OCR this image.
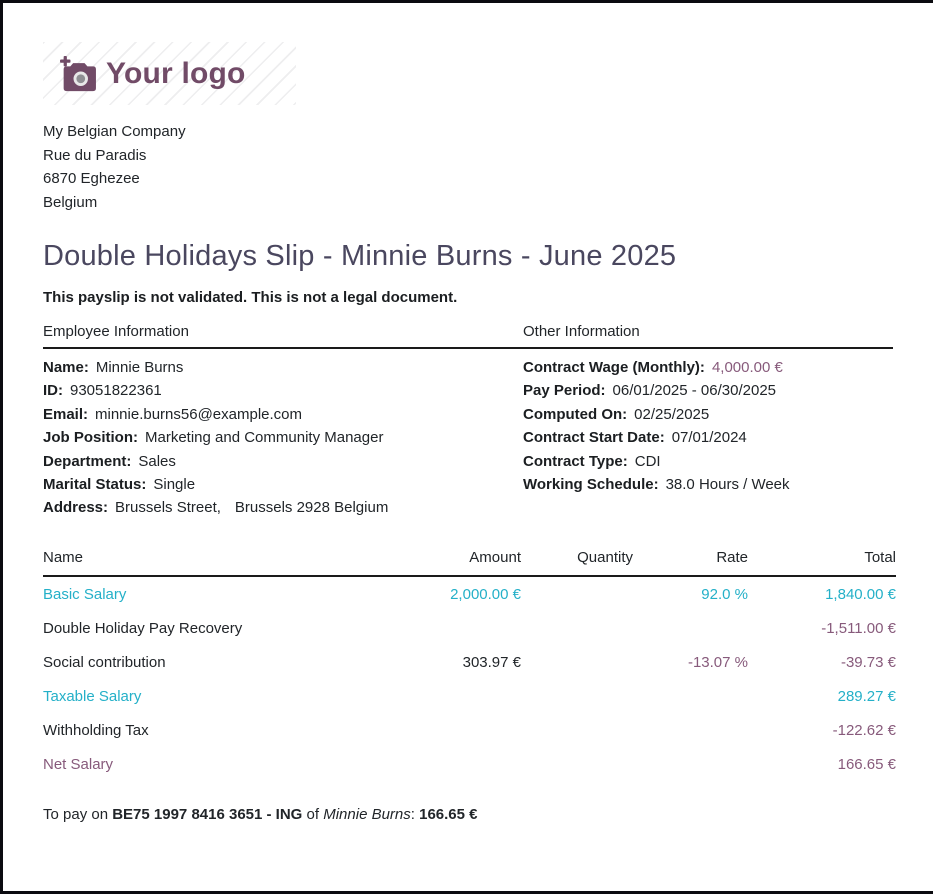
Your logo
My Belgian Company
Rue du Paradis
6870 Eghezee
Belgium
Double Holidays Slip - Minnie Burns - June 2025
This payslip is not validated. This is not a legal document.
Employee Information	Other Information
Name: Minnie Burns
ID: 93051822361
Email: minnie.burns56@example.com
Job Position: Marketing and Community Manager
Department: Sales
Marital Status: Single
Address: Brussels Street, Brussels 2928 Belgium
Contract Wage (Monthly): 4,000.00 €
Pay Period: 06/01/2025 - 06/30/2025
Computed On: 02/25/2025
Contract Start Date: 07/01/2024
Contract Type: CDI
Working Schedule: 38.0 Hours / Week
Name	Amount	Quantity	Rate	Total
Basic Salary	2,000.00 €		92.0 %	1,840.00 €
Double Holiday Pay Recovery				-1,511.00 €
Social contribution	303.97 €		-13.07 %	-39.73 €
Taxable Salary				289.27 €
Withholding Tax				-122.62 €
Net Salary				166.65 €
To pay on BE75 1997 8416 3651 - ING of Minnie Burns: 166.65 €
